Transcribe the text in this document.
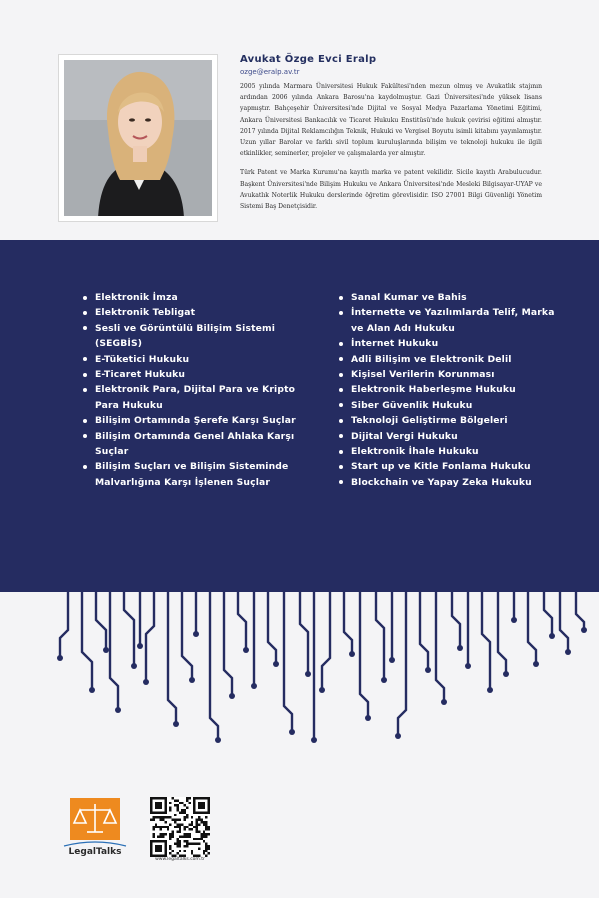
Avukat Özge Evci Eralp
ozge@eralp.av.tr

2005 yılında Marmara Üniversitesi Hukuk Fakültesi'nden mezun olmuş ve Avukatlık stajının ardından 2006 yılında Ankara Barosu'na kaydolmuştur. Gazi Üniversitesi'nde yüksek lisans yapmıştır. Bahçeşehir Üniversitesi'nde Dijital ve Sosyal Medya Pazarlama Yönetimi Eğitimi, Ankara Üniversitesi Bankacılık ve Ticaret Hukuku Enstitüsü'nde hukuk çevirisi eğitimi almıştır. 2017 yılında Dijital Reklamcılığın Teknik, Hukuki ve Vergisel Boyutu isimli kitabını yayınlamıştır. Uzun yıllar Barolar ve farklı sivil toplum kuruluşlarında bilişim ve teknoloji hukuku ile ilgili etkinlikler, seminerler, projeler ve çalışmalarda yer almıştır.

Türk Patent ve Marka Kurumu'na kayıtlı marka ve patent vekilidir. Sicile kayıtlı Arabulucudur. Başkent Üniversitesi'nde Bilişim Hukuku ve Ankara Üniversitesi'nde Mesleki Bilgisayar-UYAP ve Avukatlık Noterlik Hukuku derslerinde öğretim görevlisidir. ISO 27001 Bilgi Güvenliği Yönetim Sistemi Baş Denetçisidir.

Elektronik İmza
Elektronik Tebligat
Sesli ve Görüntülü Bilişim Sistemi (SEGBİS)
E-Tüketici Hukuku
E-Ticaret Hukuku
Elektronik Para, Dijital Para ve Kripto Para Hukuku
Bilişim Ortamında Şerefe Karşı Suçlar
Bilişim Ortamında Genel Ahlaka Karşı Suçlar
Bilişim Suçları ve Bilişim Sisteminde Malvarlığına Karşı İşlenen Suçlar
Sanal Kumar ve Bahis
İnternette ve Yazılımlarda Telif, Marka ve Alan Adı Hukuku
İnternet Hukuku
Adli Bilişim ve Elektronik Delil
Kişisel Verilerin Korunması
Elektronik Haberleşme Hukuku
Siber Güvenlik Hukuku
Teknoloji Geliştirme Bölgeleri
Dijital Vergi Hukuku
Elektronik İhale Hukuku
Start up ve Kitle Fonlama Hukuku
Blockchain ve Yapay Zeka Hukuku
LegalTalks
www.legaltalks.com.tr
